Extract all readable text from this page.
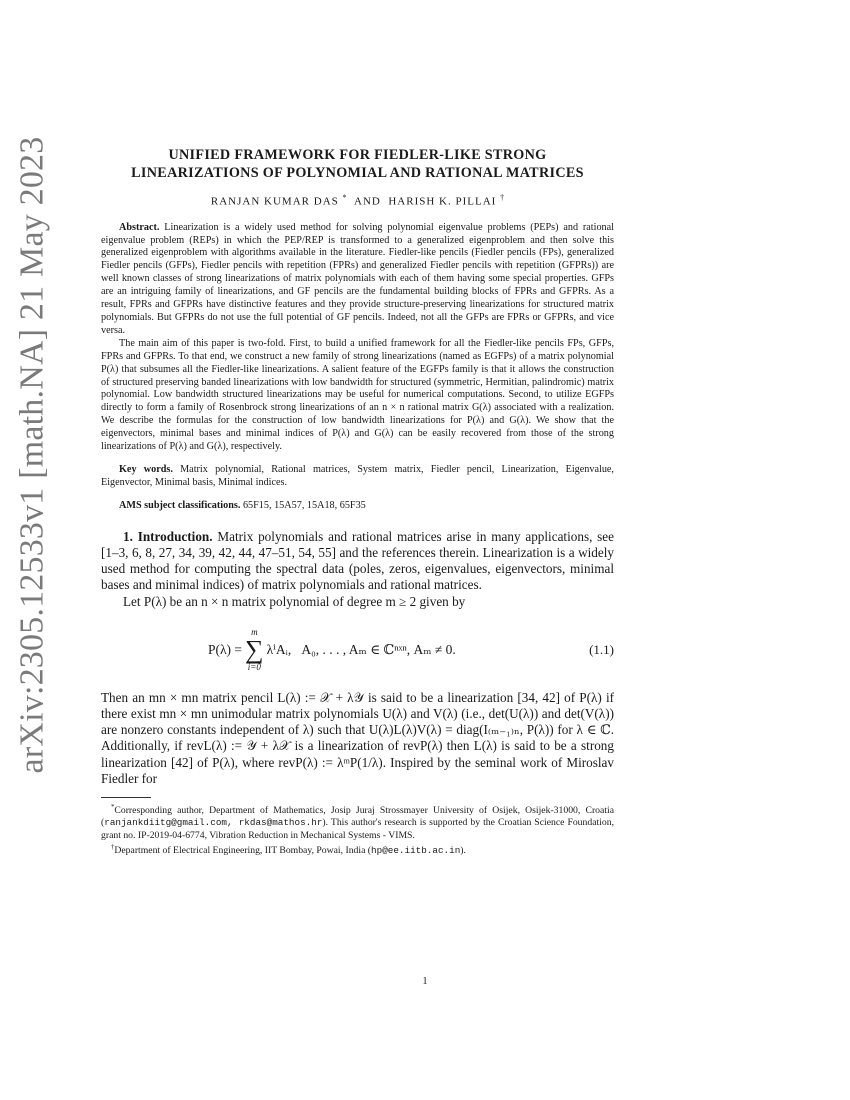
arXiv:2305.12533v1 [math.NA] 21 May 2023	UNIFIED FRAMEWORK FOR FIEDLER-LIKE STRONG
LINEARIZATIONS OF POLYNOMIAL AND RATIONAL MATRICES
RANJAN KUMAR DAS * AND HARISH K. PILLAI †

Abstract. Linearization is a widely used method for solving polynomial eigenvalue problems (PEPs) and rational eigenvalue problem (REPs) in which the PEP/REP is transformed to a generalized eigenproblem and then solve this generalized eigenproblem with algorithms available in the literature. Fiedler-like pencils (Fiedler pencils (FPs), generalized Fiedler pencils (GFPs), Fiedler pencils with repetition (FPRs) and generalized Fiedler pencils with repetition (GFPRs)) are well known classes of strong linearizations of matrix polynomials with each of them having some special properties. GFPs are an intriguing family of linearizations, and GF pencils are the fundamental building blocks of FPRs and GFPRs. As a result, FPRs and GFPRs have distinctive features and they provide structure-preserving linearizations for structured matrix polynomials. But GFPRs do not use the full potential of GF pencils. Indeed, not all the GFPs are FPRs or GFPRs, and vice versa.

The main aim of this paper is two-fold. First, to build a unified framework for all the Fiedler-like pencils FPs, GFPs, FPRs and GFPRs. To that end, we construct a new family of strong linearizations (named as EGFPs) of a matrix polynomial P(λ) that subsumes all the Fiedler-like linearizations. A salient feature of the EGFPs family is that it allows the construction of structured preserving banded linearizations with low bandwidth for structured (symmetric, Hermitian, palindromic) matrix polynomial. Low bandwidth structured linearizations may be useful for numerical computations. Second, to utilize EGFPs directly to form a family of Rosenbrock strong linearizations of an n × n rational matrix G(λ) associated with a realization. We describe the formulas for the construction of low bandwidth linearizations for P(λ) and G(λ). We show that the eigenvectors, minimal bases and minimal indices of P(λ) and G(λ) can be easily recovered from those of the strong linearizations of P(λ) and G(λ), respectively.

Key words. Matrix polynomial, Rational matrices, System matrix, Fiedler pencil, Linearization, Eigenvalue, Eigenvector, Minimal basis, Minimal indices.
AMS subject classifications. 65F15, 15A57, 15A18, 65F35

1. Introduction. Matrix polynomials and rational matrices arise in many applications, see [1–3, 6, 8, 27, 34, 39, 42, 44, 47–51, 54, 55] and the references therein. Linearization is a widely used method for computing the spectral data (poles, zeros, eigenvalues, eigenvectors, minimal bases and minimal indices) of matrix polynomials and rational matrices.

Let P(λ) be an n × n matrix polynomial of degree m ≥ 2 given by

P(λ) =
m
∑
i=0
λⁱAᵢ,
A₀, . . . , Aₘ ∈ ℂⁿˣⁿ,
Aₘ ≠ 0.	(1.1)

Then an mn × mn matrix pencil L(λ) := 𝒳 + λ𝒴 is said to be a linearization [34, 42] of P(λ) if there exist mn × mn unimodular matrix polynomials U(λ) and V(λ) (i.e., det(U(λ)) and det(V(λ)) are nonzero constants independent of λ) such that U(λ)L(λ)V(λ) = diag(I₍ₘ₋₁₎ₙ, P(λ)) for λ ∈ ℂ. Additionally, if revL(λ) := 𝒴 + λ𝒳 is a linearization of revP(λ) then L(λ) is said to be a strong linearization [42] of P(λ), where revP(λ) := λᵐP(1/λ). Inspired by the seminal work of Miroslav Fiedler for

*Corresponding author, Department of Mathematics, Josip Juraj Strossmayer University of Osijek, Osijek-31000, Croatia (ranjankdiitg@gmail.com, rkdas@mathos.hr). This author's research is supported by the Croatian Science Foundation, grant no. IP-2019-04-6774, Vibration Reduction in Mechanical Systems - VIMS.

†Department of Electrical Engineering, IIT Bombay, Powai, India (hp@ee.iitb.ac.in).

1
